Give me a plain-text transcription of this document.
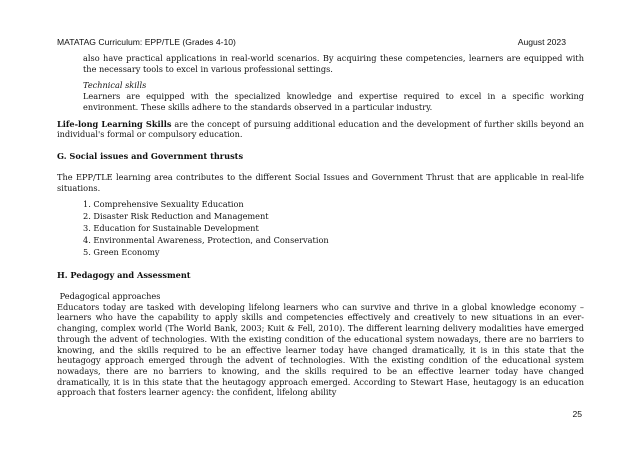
MATATAG Curriculum: EPP/TLE (Grades 4-10)	August 2023

also have practical applications in real-world scenarios. By acquiring these competencies, learners are equipped with the necessary tools to excel in various professional settings.

Technical skills

Learners are equipped with the specialized knowledge and expertise required to excel in a specific working environment. These skills adhere to the standards observed in a particular industry.

Life-long Learning Skills are the concept of pursuing additional education and the development of further skills beyond an individual's formal or compulsory education.

G. Social issues and Government thrusts

The EPP/TLE learning area contributes to the different Social Issues and Government Thrust that are applicable in real-life situations.

1. Comprehensive Sexuality Education
2. Disaster Risk Reduction and Management
3. Education for Sustainable Development
4. Environmental Awareness, Protection, and Conservation
5. Green Economy

H. Pedagogy and Assessment

Pedagogical approaches

Educators today are tasked with developing lifelong learners who can survive and thrive in a global knowledge economy – learners who have the capability to apply skills and competencies effectively and creatively to new situations in an ever-changing, complex world (The World Bank, 2003; Kuit & Fell, 2010). The different learning delivery modalities have emerged through the advent of technologies. With the existing condition of the educational system nowadays, there are no barriers to knowing, and the skills required to be an effective learner today have changed dramatically, it is in this state that the heutagogy approach emerged through the advent of technologies. With the existing condition of the educational system nowadays, there are no barriers to knowing, and the skills required to be an effective learner today have changed dramatically, it is in this state that the heutagogy approach emerged. According to Stewart Hase, heutagogy is an education approach that fosters learner agency: the confident, lifelong ability

25
